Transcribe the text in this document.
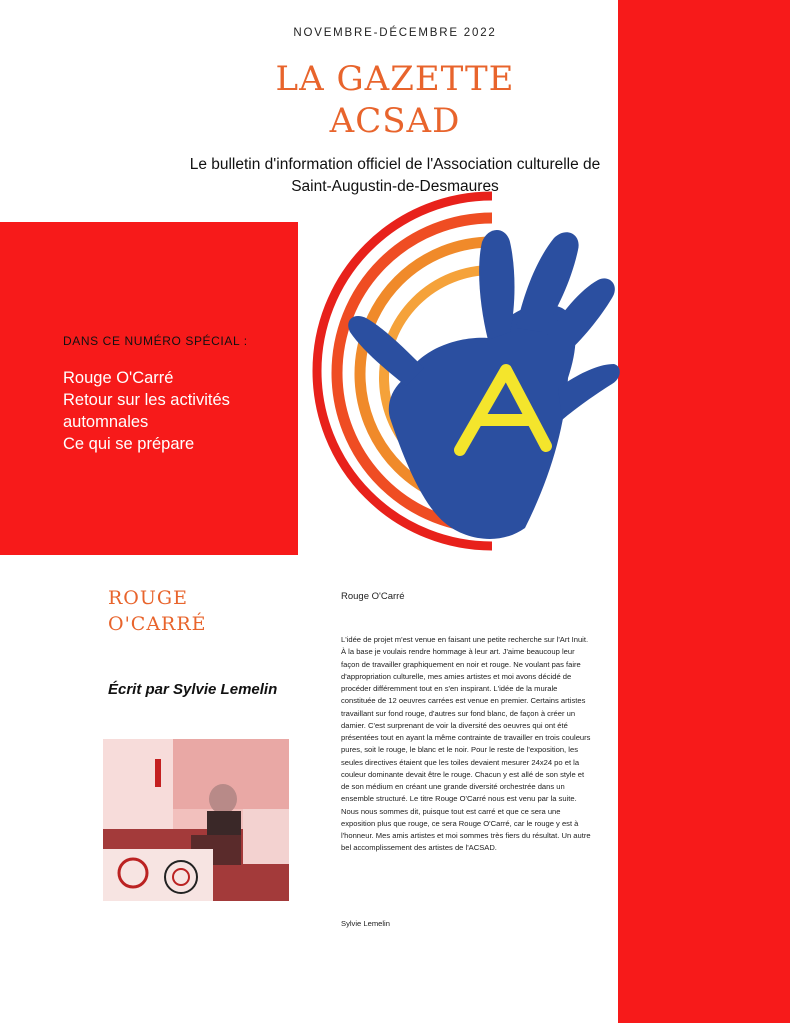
NOVEMBRE-DÉCEMBRE 2022
LA GAZETTE
ACSAD
Le bulletin d'information officiel de l'Association culturelle de
Saint-Augustin-de-Desmaures
DANS CE NUMÉRO SPÉCIAL :
Rouge O'Carré
Retour sur les activités automnales
Ce qui se prépare
A
ROUGE
O'CARRÉ
Écrit par Sylvie Lemelin
Rouge O'Carré

L'idée de projet m'est venue en faisant une petite recherche sur l'Art Inuit. À la base je voulais rendre hommage à leur art. J'aime beaucoup leur façon de travailler graphiquement en noir et rouge. Ne voulant pas faire d'appropriation culturelle, mes amies artistes et moi avons décidé de procéder différemment tout en s'en inspirant. L'idée de la murale constituée de 12 oeuvres carrées est venue en premier. Certains artistes travaillant sur fond rouge, d'autres sur fond blanc, de façon à créer un damier. C'est surprenant de voir la diversité des oeuvres qui ont été présentées tout en ayant la même contrainte de travailler en trois couleurs pures, soit le rouge, le blanc et le noir. Pour le reste de l'exposition, les seules directives étaient que les toiles devaient mesurer 24x24 po et la couleur dominante devait être le rouge. Chacun y est allé de son style et de son médium en créant une grande diversité orchestrée dans un ensemble structuré. Le titre Rouge O'Carré nous est venu par la suite. Nous nous sommes dit, puisque tout est carré et que ce sera une exposition plus que rouge, ce sera Rouge O'Carré, car le rouge y est à l'honneur. Mes amis artistes et moi sommes très fiers du résultat. Un autre bel accomplissement des artistes de l'ACSAD.

Sylvie Lemelin
